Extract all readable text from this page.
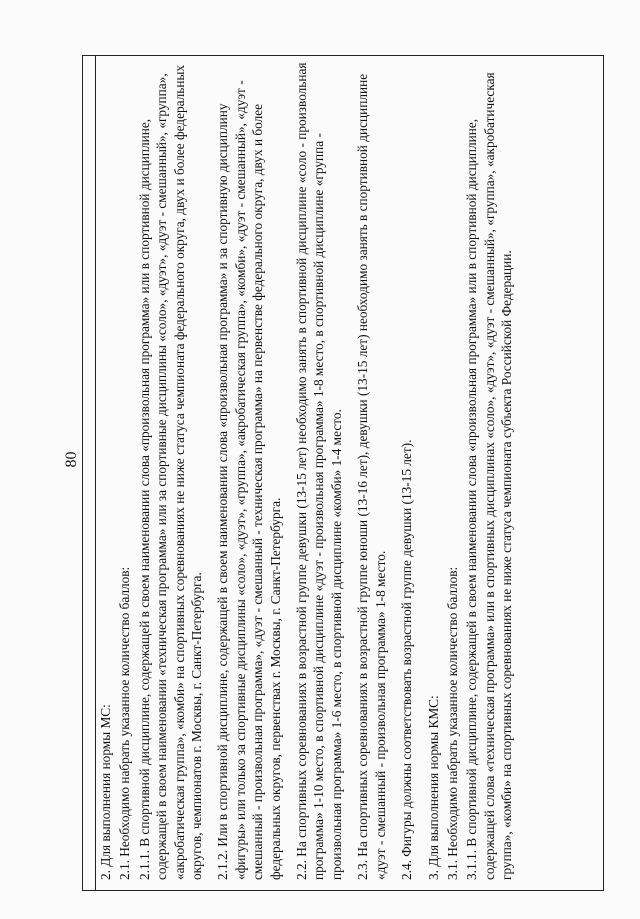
80

2. Для выполнения нормы МС: 2.1. Необходимо набрать указанное количество баллов: 2.1.1. В спортивной дисциплине, содержащей в своем наименовании слова «произвольная программа» или в спортивной дисциплине, содержащей в своем наименовании «техническая программа» или за спортивные дисциплины «соло», «дуэт», «дуэт - смешанный», «группа», «акробатическая группа», «комби» на спортивных соревнованиях не ниже статуса чемпионата федерального округа, двух и более федеральных округов, чемпионатов г. Москвы, г. Санкт-Петербурга. 2.1.2. Или в спортивной дисциплине, содержащей в своем наименовании слова «произвольная программа» и за спортивную дисциплину «фигуры» или только за спортивные дисциплины «соло», «дуэт», «группа», «акробатическая группа», «комби», «дуэт - смешанный», «дуэт - смешанный - произвольная программа», «дуэт - смешанный - техническая программа» на первенстве федерального округа, двух и более федеральных округов, первенствах г. Москвы, г. Санкт-Петербурга. 2.2. На спортивных соревнованиях в возрастной группе девушки (13-15 лет) необходимо занять в спортивной дисциплине «соло - произвольная программа» 1-10 место, в спортивной дисциплине «дуэт - произвольная программа» 1-8 место, в спортивной дисциплине «группа - произвольная программа» 1-6 место, в спортивной дисциплине «комби» 1-4 место. 2.3. На спортивных соревнованиях в возрастной группе юноши (13-16 лет), девушки (13-15 лет) необходимо занять в спортивной дисциплине «дуэт - смешанный - произвольная программа» 1-8 место. 2.4. Фигуры должны соответствовать возрастной группе девушки (13-15 лет). 3. Для выполнения нормы КМС: 3.1. Необходимо набрать указанное количество баллов: 3.1.1. В спортивной дисциплине, содержащей в своем наименовании слова «произвольная программа» или в спортивной дисциплине, содержащей слова «техническая программа» или в спортивных дисциплинах «соло», «дуэт», «дуэт - смешанный», «группа», «акробатическая группа», «комби» на спортивных соревнованиях не ниже статуса чемпионата субъекта Российской Федерации.
